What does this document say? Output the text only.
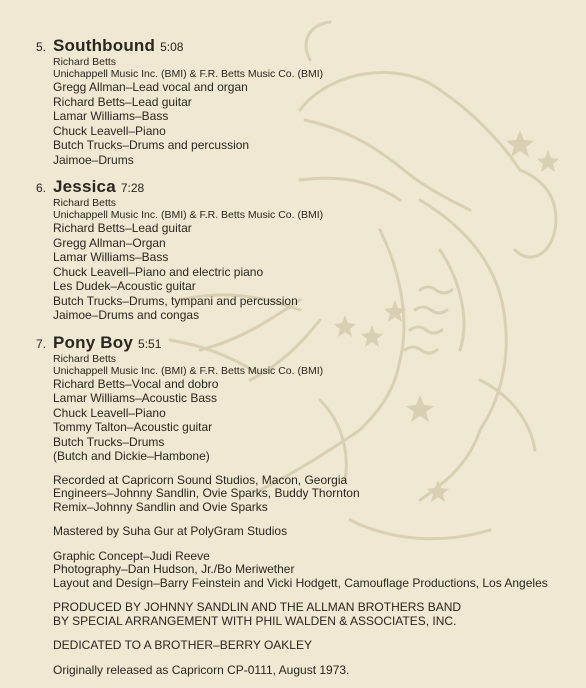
5. Southbound 5:08
Richard Betts
Unichappell Music Inc. (BMI) & F.R. Betts Music Co. (BMI)
Gregg Allman–Lead vocal and organ
Richard Betts–Lead guitar
Lamar Williams–Bass
Chuck Leavell–Piano
Butch Trucks–Drums and percussion
Jaimoe–Drums
6. Jessica 7:28
Richard Betts
Unichappell Music Inc. (BMI) & F.R. Betts Music Co. (BMI)
Richard Betts–Lead guitar
Gregg Allman–Organ
Lamar Williams–Bass
Chuck Leavell–Piano and electric piano
Les Dudek–Acoustic guitar
Butch Trucks–Drums, tympani and percussion
Jaimoe–Drums and congas
7. Pony Boy 5:51
Richard Betts
Unichappell Music Inc. (BMI) & F.R. Betts Music Co. (BMI)
Richard Betts–Vocal and dobro
Lamar Williams–Acoustic Bass
Chuck Leavell–Piano
Tommy Talton–Acoustic guitar
Butch Trucks–Drums
(Butch and Dickie–Hambone)
Recorded at Capricorn Sound Studios, Macon, Georgia
Engineers–Johnny Sandlin, Ovie Sparks, Buddy Thornton
Remix–Johnny Sandlin and Ovie Sparks
Mastered by Suha Gur at PolyGram Studios
Graphic Concept–Judi Reeve
Photography–Dan Hudson, Jr./Bo Meriwether
Layout and Design–Barry Feinstein and Vicki Hodgett, Camouflage Productions, Los Angeles
PRODUCED BY JOHNNY SANDLIN AND THE ALLMAN BROTHERS BAND
BY SPECIAL ARRANGEMENT WITH PHIL WALDEN & ASSOCIATES, INC.
DEDICATED TO A BROTHER–BERRY OAKLEY
Originally released as Capricorn CP-0111, August 1973.
